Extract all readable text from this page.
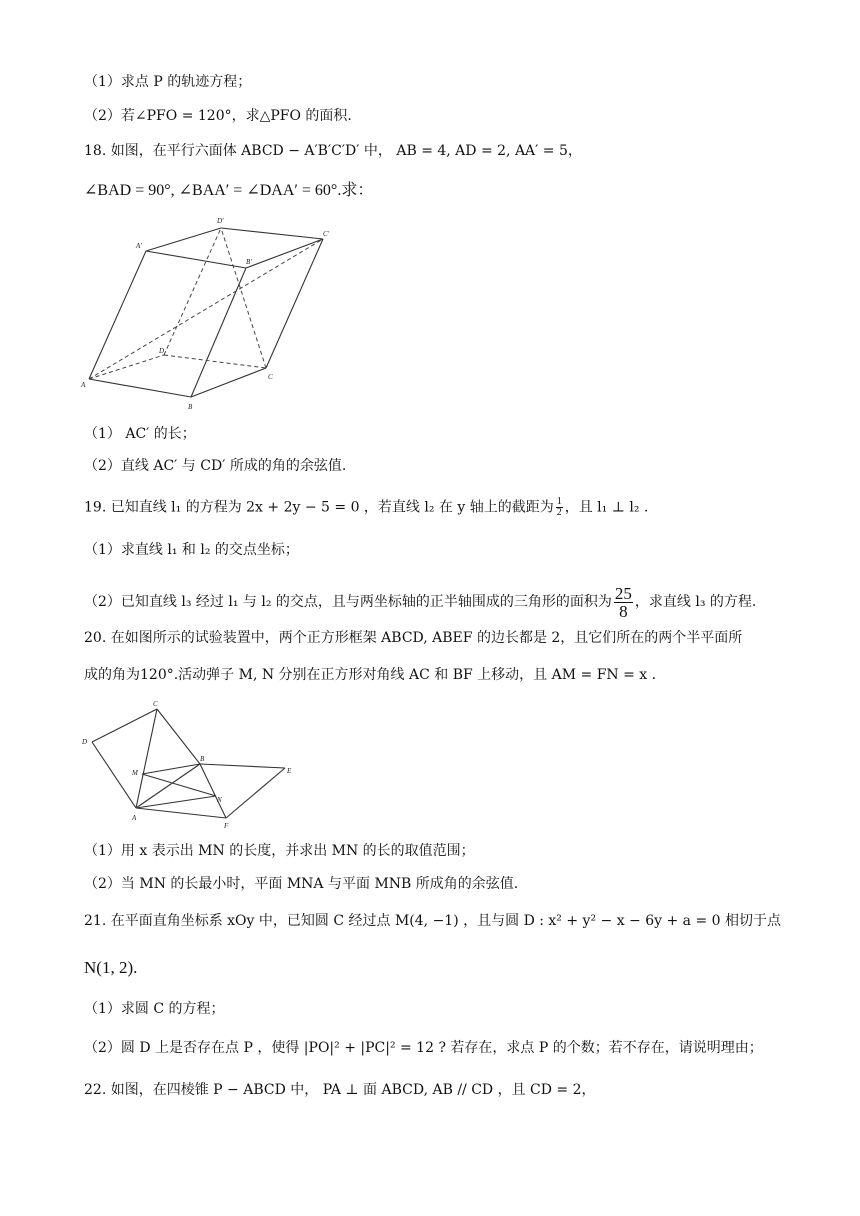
（1）求点 P 的轨迹方程；
（2）若∠PFO = 120°，求△PFO 的面积.
18. 如图，在平行六面体 ABCD − A′B′C′D′ 中， AB = 4, AD = 2, AA′ = 5，
∠BAD = 90°, ∠BAA′ = ∠DAA′ = 60°.求：
A
B
C
D
A′
B′
C′
D′
（1） AC′ 的长；
（2）直线 AC′ 与 CD′ 所成的角的余弦值.
19. 已知直线 l₁ 的方程为 2x + 2y − 5 = 0 ，若直线 l₂ 在 y 轴上的截距为 $\frac{1}{2}$ ，且 l₁ ⊥ l₂ .
（1）求直线 l₁ 和 l₂ 的交点坐标；
（2）已知直线 l₃ 经过 l₁ 与 l₂ 的交点，且与两坐标轴的正半轴围成的三角形的面积为 $\frac{25}{8}$ ，求直线 l₃ 的方程.
20. 在如图所示的试验装置中，两个正方形框架 ABCD, ABEF 的边长都是 2，且它们所在的两个半平面所
成的角为120°.活动弹子 M, N 分别在正方形对角线 AC 和 BF 上移动，且 AM = FN = x .
D
C
B
E
F
A
M
N
（1）用 x 表示出 MN 的长度，并求出 MN 的长的取值范围；
（2）当 MN 的长最小时，平面 MNA 与平面 MNB 所成角的余弦值.
21. 在平面直角坐标系 xOy 中，已知圆 C 经过点 M(4, −1) ，且与圆 D : x² + y² − x − 6y + a = 0 相切于点
N(1, 2).
（1）求圆 C 的方程；
（2）圆 D 上是否存在点 P ，使得 |PO|² + |PC|² = 12 ? 若存在，求点 P 的个数；若不存在，请说明理由；
22. 如图，在四棱锥 P − ABCD 中， PA ⊥ 面 ABCD, AB // CD ，且 CD = 2，
